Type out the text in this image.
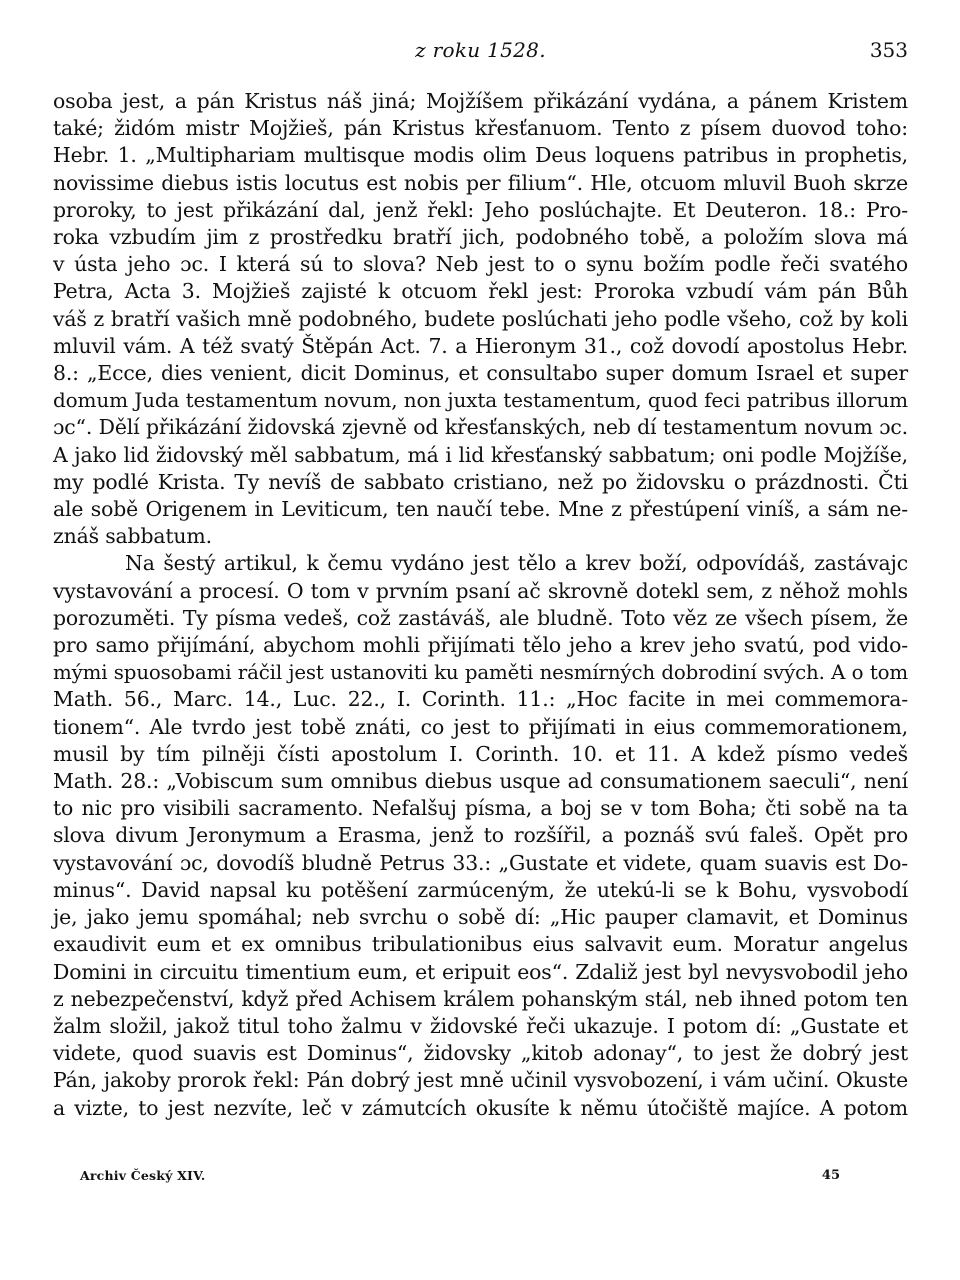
z roku 1528.	353
osoba jest, a pán Kristus náš jiná; Mojžíšem přikázání vydána, a pánem Kristem
také; židóm mistr Mojžieš, pán Kristus křesťanuom. Tento z písem duovod toho:
Hebr. 1. „Multiphariam multisque modis olim Deus loquens patribus in prophetis,
novissime diebus istis locutus est nobis per filium“. Hle, otcuom mluvil Buoh skrze
proroky, to jest přikázání dal, jenž řekl: Jeho poslúchajte. Et Deuteron. 18.: Pro-
roka vzbudím jim z prostředku bratří jich, podobného tobě, a položím slova má
v ústa jeho ɔc. I která sú to slova? Neb jest to o synu božím podle řeči svatého
Petra, Acta 3. Mojžieš zajisté k otcuom řekl jest: Proroka vzbudí vám pán Bůh
váš z bratří vašich mně podobného, budete poslúchati jeho podle všeho, což by koli
mluvil vám. A též svatý Štěpán Act. 7. a Hieronym 31., což dovodí apostolus Hebr.
8.: „Ecce, dies venient, dicit Dominus, et consultabo super domum Israel et super
domum Juda testamentum novum, non juxta testamentum, quod feci patribus illorum
ɔc“. Dělí přikázání židovská zjevně od křesťanských, neb dí testamentum novum ɔc.
A jako lid židovský měl sabbatum, má i lid křesťanský sabbatum; oni podle Mojžíše,
my podlé Krista. Ty nevíš de sabbato cristiano, než po židovsku o prázdnosti. Čti
ale sobě Origenem in Leviticum, ten naučí tebe. Mne z přestúpení viníš, a sám ne-
znáš sabbatum.
Na šestý artikul, k čemu vydáno jest tělo a krev boží, odpovídáš, zastávajc
vystavování a procesí. O tom v prvním psaní ač skrovně dotekl sem, z něhož mohls
porozuměti. Ty písma vedeš, což zastáváš, ale bludně. Toto věz ze všech písem, že
pro samo přijímání, abychom mohli přijímati tělo jeho a krev jeho svatú, pod vido-
mými spuosobami ráčil jest ustanoviti ku paměti nesmírných dobrodiní svých. A o tom
Math. 56., Marc. 14., Luc. 22., I. Corinth. 11.: „Hoc facite in mei commemora-
tionem“. Ale tvrdo jest tobě znáti, co jest to přijímati in eius commemorationem,
musil by tím pilněji čísti apostolum I. Corinth. 10. et 11. A kdež písmo vedeš
Math. 28.: „Vobiscum sum omnibus diebus usque ad consumationem saeculi“, není
to nic pro visibili sacramento. Nefalšuj písma, a boj se v tom Boha; čti sobě na ta
slova divum Jeronymum a Erasma, jenž to rozšířil, a poznáš svú faleš. Opět pro
vystavování ɔc, dovodíš bludně Petrus 33.: „Gustate et videte, quam suavis est Do-
minus“. David napsal ku potěšení zarmúceným, že utekú-li se k Bohu, vysvobodí
je, jako jemu spomáhal; neb svrchu o sobě dí: „Hic pauper clamavit, et Dominus
exaudivit eum et ex omnibus tribulationibus eius salvavit eum. Moratur angelus
Domini in circuitu timentium eum, et eripuit eos“. Zdaliž jest byl nevysvobodil jeho
z nebezpečenství, když před Achisem králem pohanským stál, neb ihned potom ten
žalm složil, jakož titul toho žalmu v židovské řeči ukazuje. I potom dí: „Gustate et
videte, quod suavis est Dominus“, židovsky „kitob adonay“, to jest že dobrý jest
Pán, jakoby prorok řekl: Pán dobrý jest mně učinil vysvobození, i vám učiní. Okuste
a vizte, to jest nezvíte, leč v zámutcích okusíte k němu útočiště majíce. A potom
Archiv Český XIV.	45
